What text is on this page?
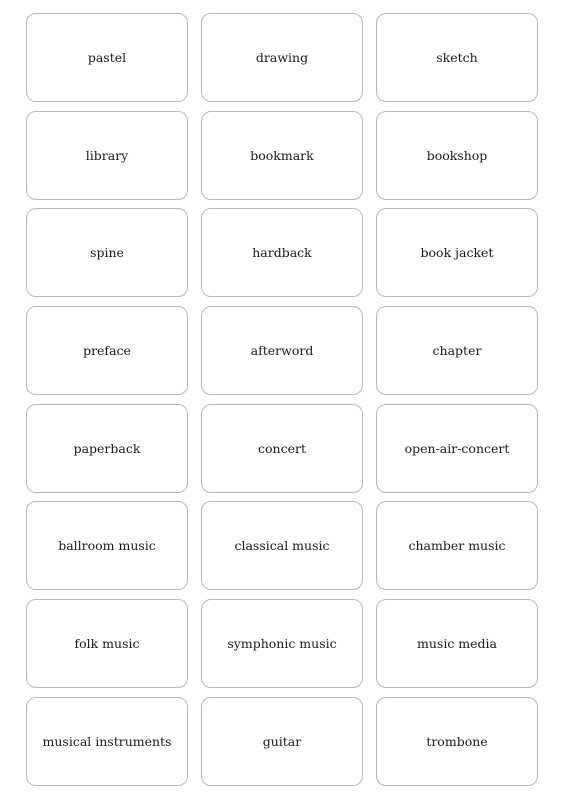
pastel	drawing	sketch
library	bookmark	bookshop
spine	hardback	book jacket
preface	afterword	chapter
paperback	concert	open-air-concert
ballroom music	classical music	chamber music
folk music	symphonic music	music media
musical instruments	guitar	trombone
